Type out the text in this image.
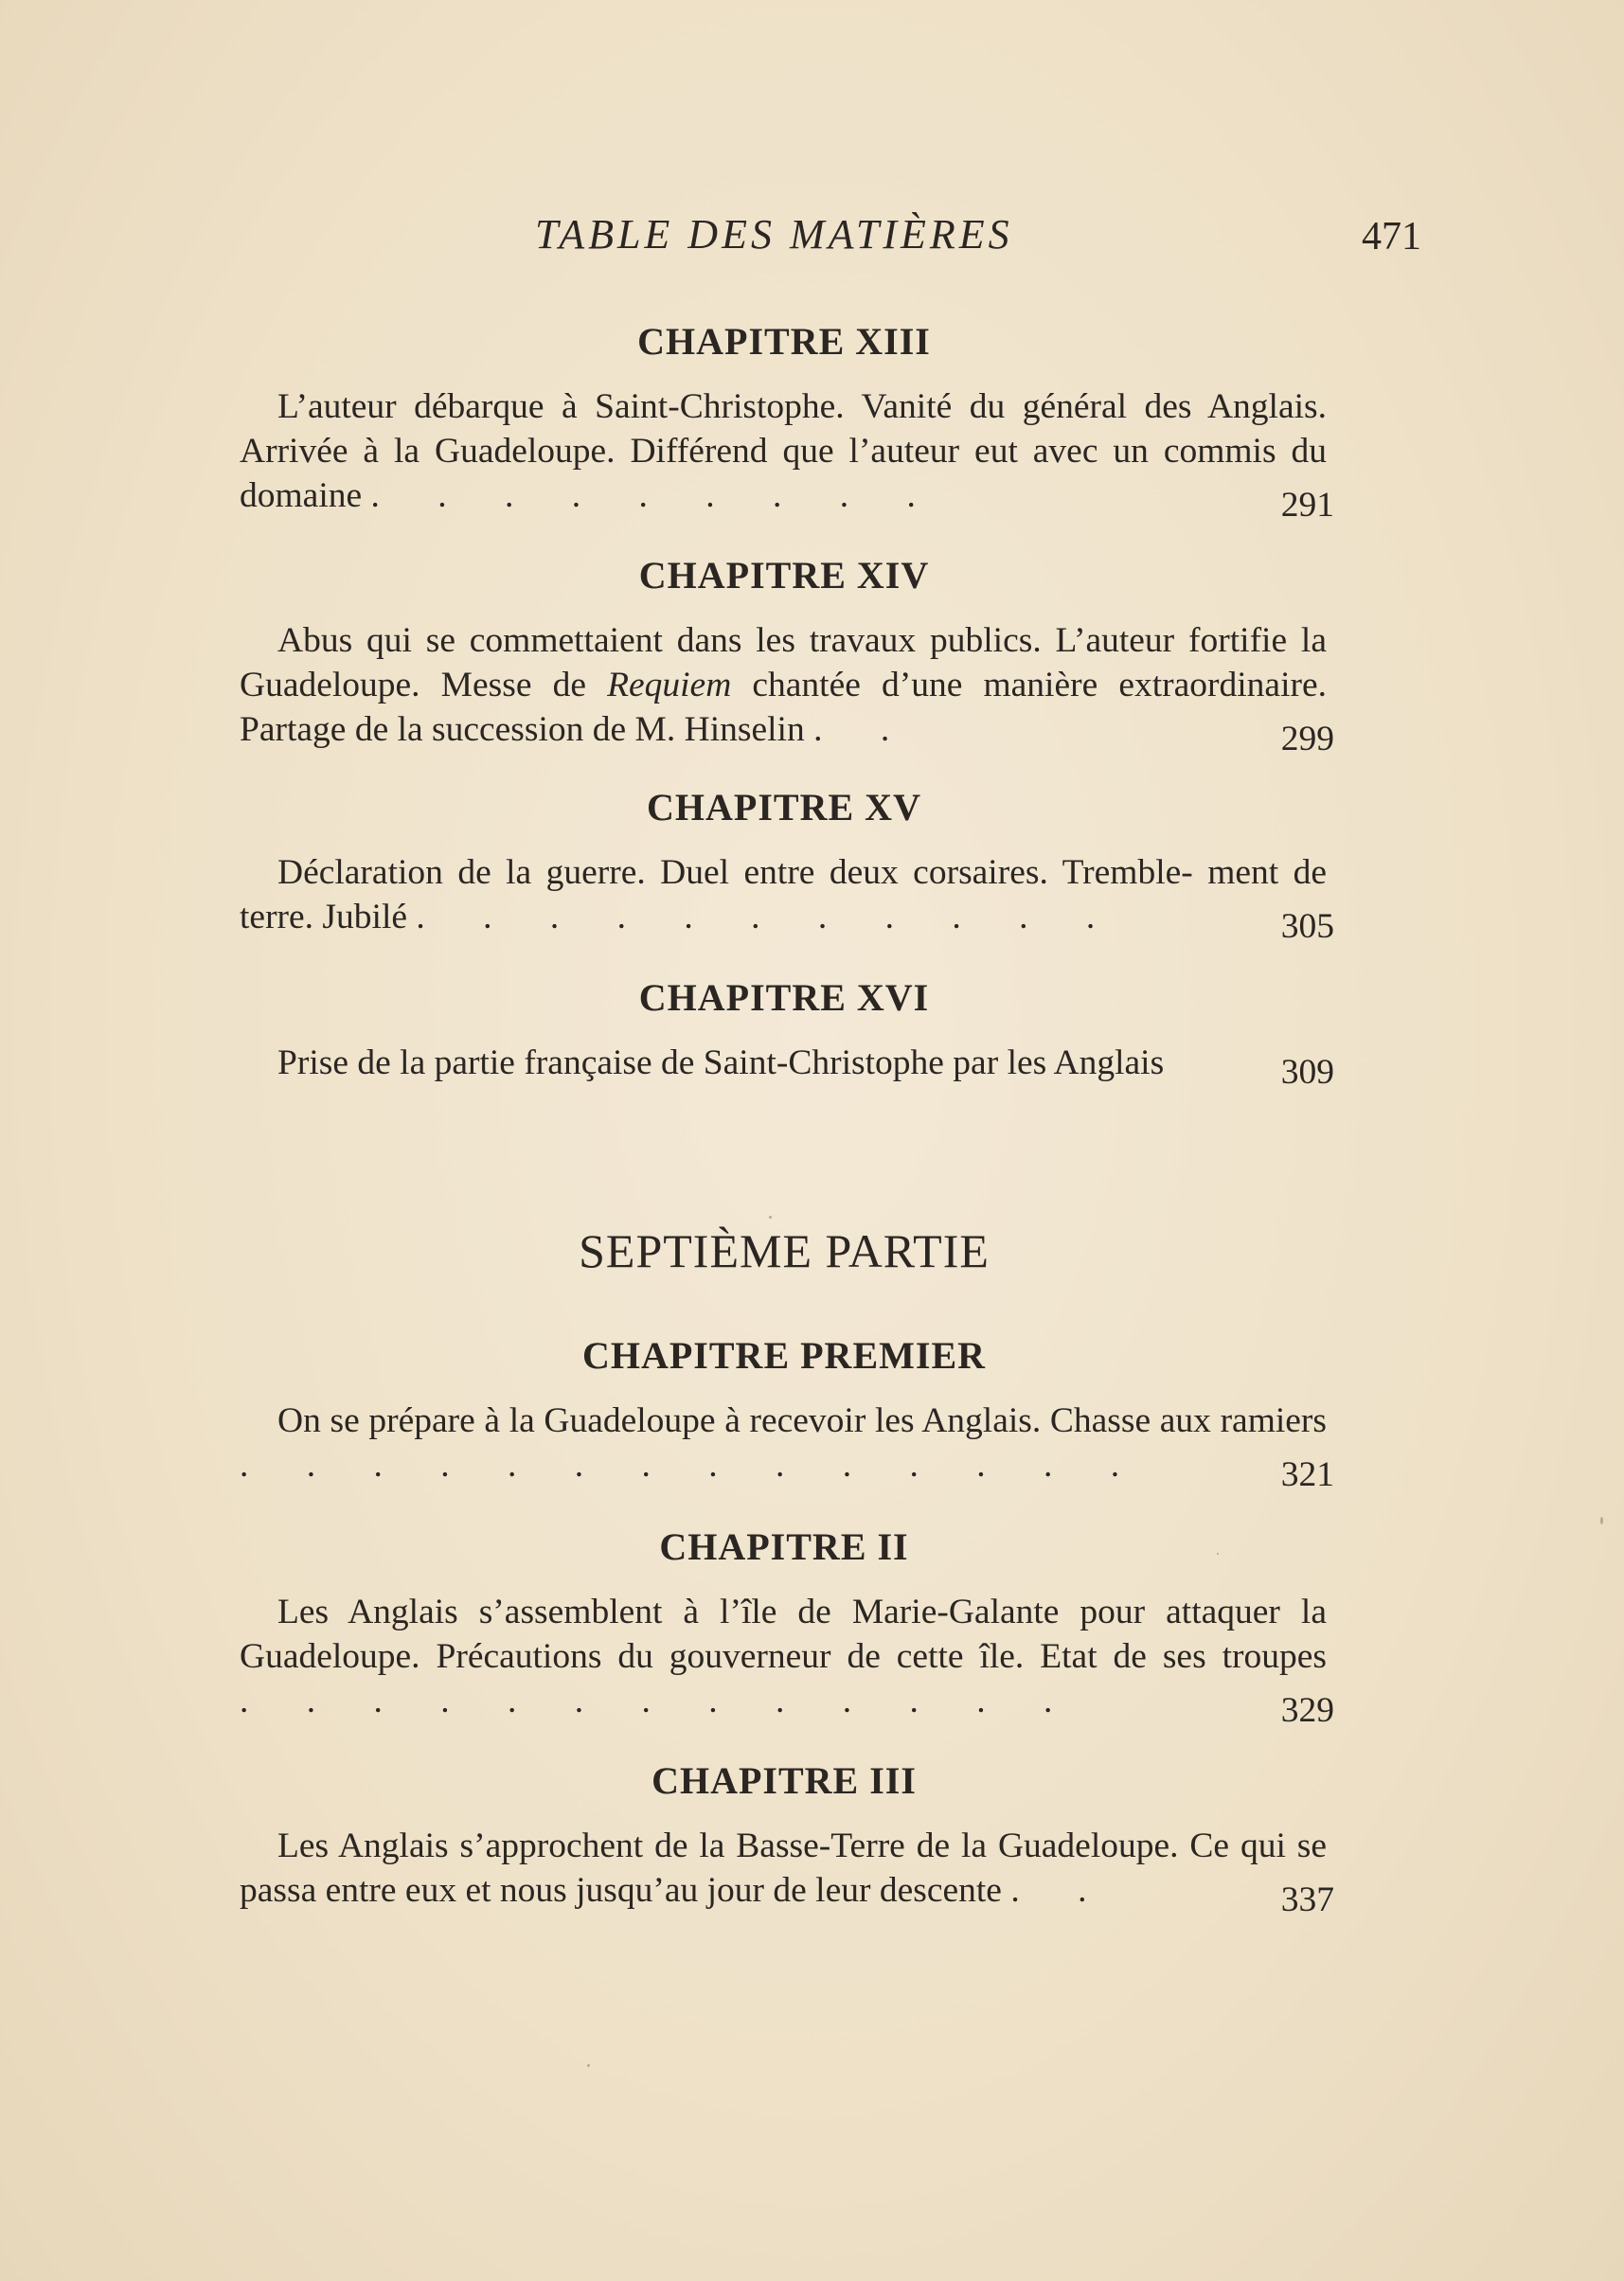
TABLE DES MATIÈRES	471
CHAPITRE XIII

L’auteur débarque à Saint-Christophe. Vanité du général des Anglais. Arrivée à la Guadeloupe. Différend que l’auteur eut avec un commis du domaine . . . . . . . . .	291
CHAPITRE XIV

Abus qui se commettaient dans les travaux publics. L’auteur fortifie la Guadeloupe. Messe de Requiem chantée d’une manière extraordinaire. Partage de la succession de M. Hinselin . .	299
CHAPITRE XV

Déclaration de la guerre. Duel entre deux corsaires. Tremble- ment de terre. Jubilé . . . . . . . . . . .	305
CHAPITRE XVI

Prise de la partie française de Saint-Christophe par les Anglais	309
SEPTIÈME PARTIE
CHAPITRE PREMIER

On se prépare à la Guadeloupe à recevoir les Anglais. Chasse aux ramiers . . . . . . . . . . . . . .	321
CHAPITRE II

Les Anglais s’assemblent à l’île de Marie-Galante pour attaquer la Guadeloupe. Précautions du gouverneur de cette île. Etat de ses troupes . . . . . . . . . . . . .	329
CHAPITRE III

Les Anglais s’approchent de la Basse-Terre de la Guadeloupe. Ce qui se passa entre eux et nous jusqu’au jour de leur descente . .	337
